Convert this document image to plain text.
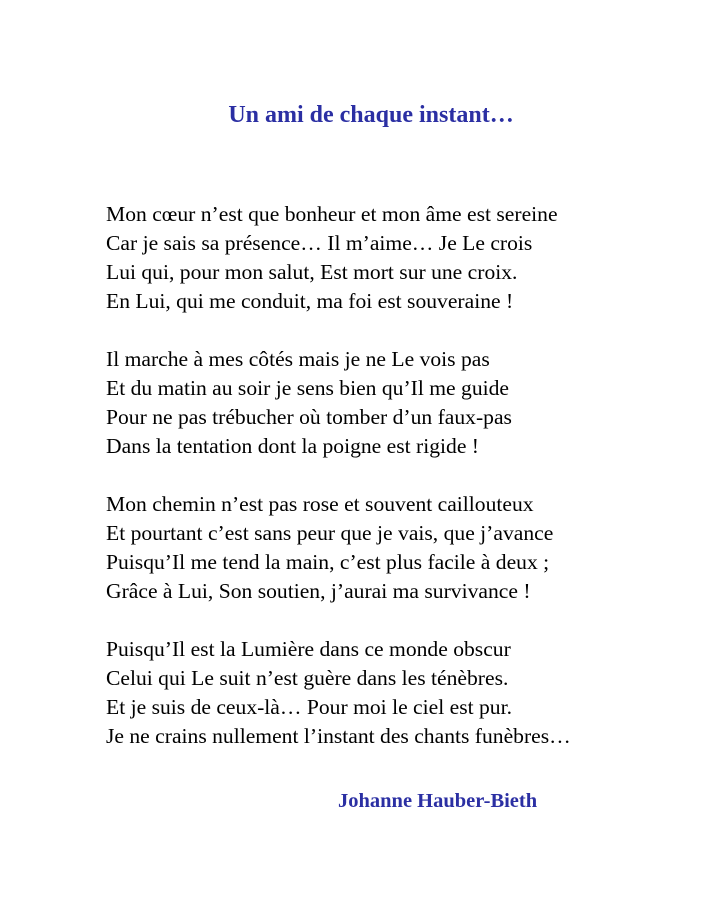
Un ami de chaque instant…
Mon cœur n’est que bonheur et mon âme est sereine
Car je sais sa présence… Il m’aime… Je Le crois
Lui qui, pour mon salut, Est mort sur une croix.
En Lui, qui me conduit, ma foi est souveraine !
Il marche à mes côtés mais je ne Le vois pas
Et du matin au soir je sens bien qu’Il me guide
Pour ne pas trébucher où tomber d’un faux-pas
Dans la tentation dont la poigne est rigide !
Mon chemin n’est pas rose et souvent caillouteux
Et pourtant c’est sans peur que je vais, que j’avance
Puisqu’Il me tend la main, c’est plus facile à deux ;
Grâce à Lui, Son soutien, j’aurai ma survivance !
Puisqu’Il est la Lumière dans ce monde obscur
Celui qui Le suit n’est guère dans les ténèbres.
Et je suis de ceux-là… Pour moi le ciel est pur.
Je ne crains nullement l’instant des chants funèbres…

Johanne Hauber-Bieth
